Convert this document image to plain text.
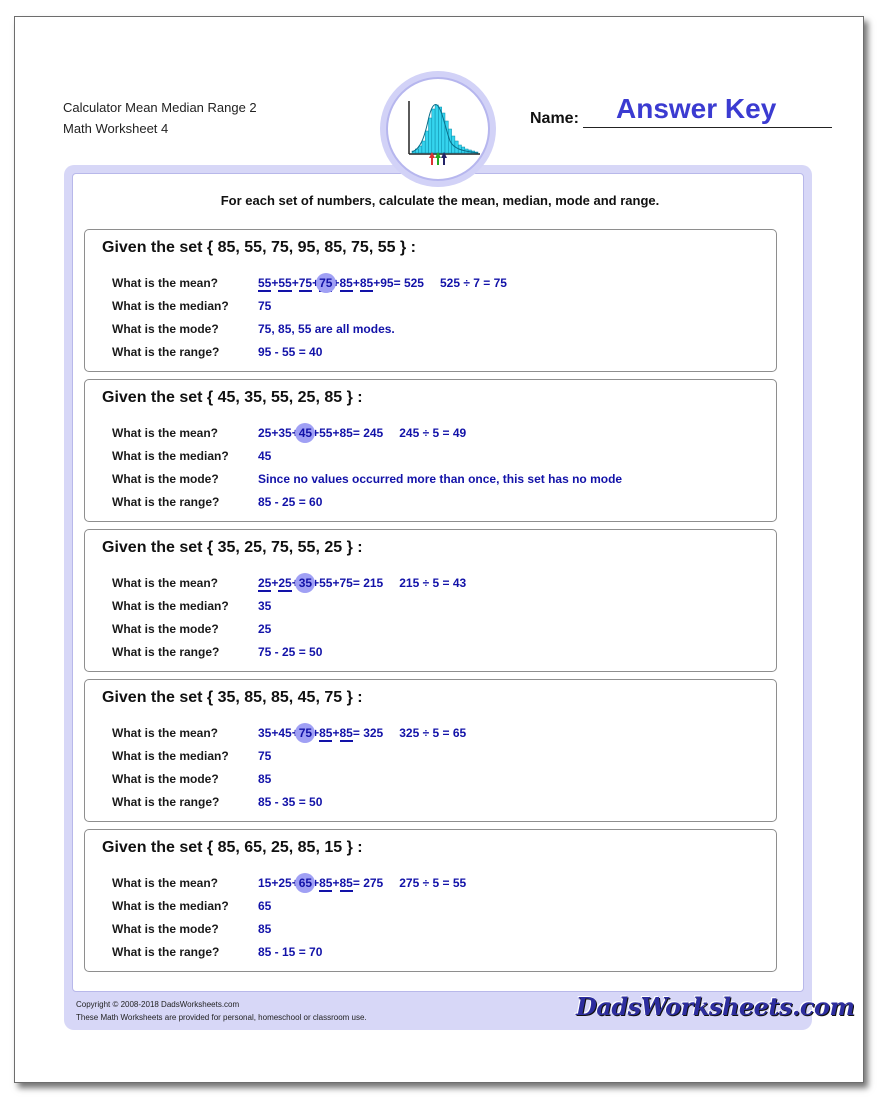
Calculator Mean Median Range 2
Math Worksheet 4
Name: Answer Key
For each set of numbers, calculate the mean, median, mode and range.
Given the set { 85, 55, 75, 95, 85, 75, 55 } :
What is the mean?
What is the median?
What is the mode?
What is the range?
55+55+75+75+85+85+95= 525 525 ÷ 7 = 75
75
75, 85, 55 are all modes.
95 - 55 = 40
Given the set { 45, 35, 55, 25, 85 } :
What is the mean?
What is the median?
What is the mode?
What is the range?
25+35+45+55+85= 245 245 ÷ 5 = 49
45
Since no values occurred more than once, this set has no mode
85 - 25 = 60
Given the set { 35, 25, 75, 55, 25 } :
What is the mean?
What is the median?
What is the mode?
What is the range?
25+25+35+55+75= 215 215 ÷ 5 = 43
35
25
75 - 25 = 50
Given the set { 35, 85, 85, 45, 75 } :
What is the mean?
What is the median?
What is the mode?
What is the range?
35+45+75+85+85= 325 325 ÷ 5 = 65
75
85
85 - 35 = 50
Given the set { 85, 65, 25, 85, 15 } :
What is the mean?
What is the median?
What is the mode?
What is the range?
15+25+65+85+85= 275 275 ÷ 5 = 55
65
85
85 - 15 = 70
Copyright © 2008-2018 DadsWorksheets.com
These Math Worksheets are provided for personal, homeschool or classroom use.	DadsWorksheets.com
